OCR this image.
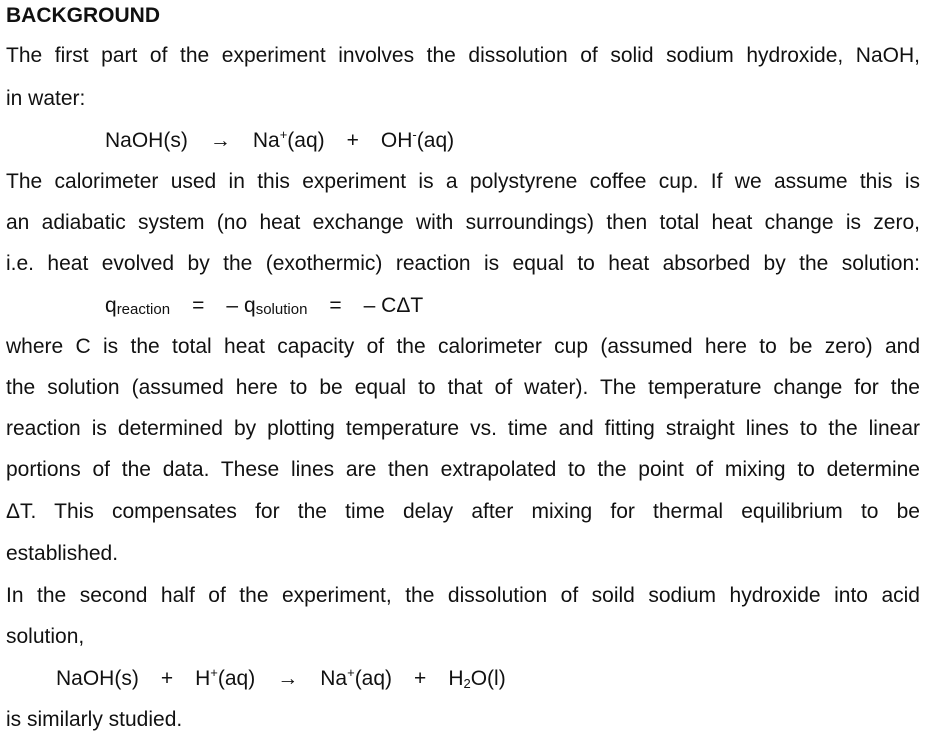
BACKGROUND
The first part of the experiment involves the dissolution of solid sodium hydroxide, NaOH,
in water:
NaOH(s) → Na+(aq) + OH-(aq)
The calorimeter used in this experiment is a polystyrene coffee cup. If we assume this is
an adiabatic system (no heat exchange with surroundings) then total heat change is zero,
i.e. heat evolved by the (exothermic) reaction is equal to heat absorbed by the solution:
qreaction = – qsolution = – CΔT
where C is the total heat capacity of the calorimeter cup (assumed here to be zero) and
the solution (assumed here to be equal to that of water). The temperature change for the
reaction is determined by plotting temperature vs. time and fitting straight lines to the linear
portions of the data. These lines are then extrapolated to the point of mixing to determine
ΔT. This compensates for the time delay after mixing for thermal equilibrium to be
established.
In the second half of the experiment, the dissolution of soild sodium hydroxide into acid
solution,
NaOH(s) + $H^+(aq) \to Na^+(aq) + H_2O(l)$
is similarly studied.
